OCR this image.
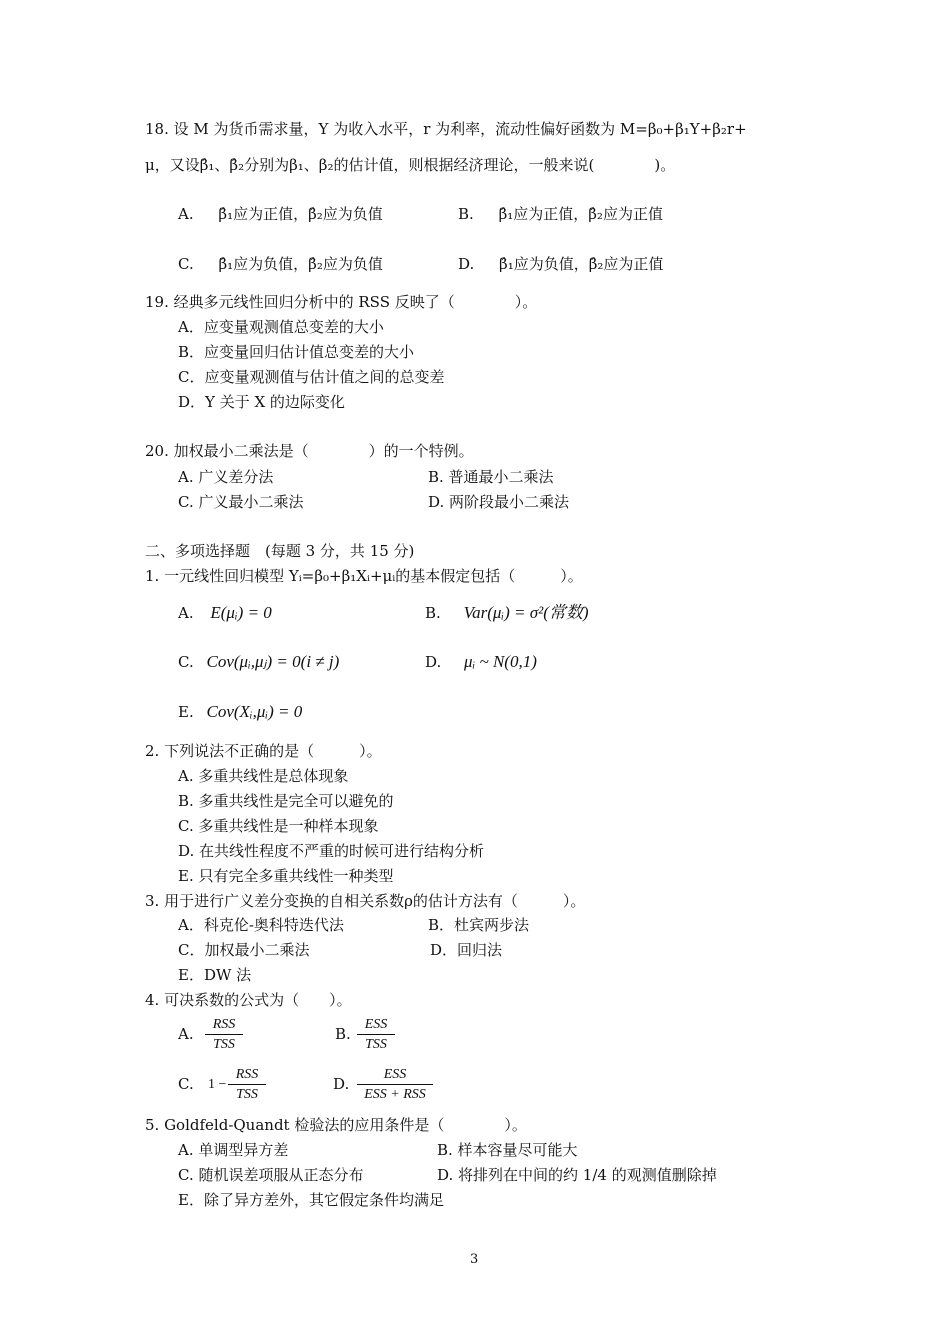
18. 设 M 为货币需求量，Y 为收入水平，r 为利率，流动性偏好函数为 M=β₀+β₁Y+β₂r+
μ，又设β̂₁、β̂₂分别为β₁、β₂的估计值，则根据经济理论，一般来说(　　　　)。
A. β̂₁应为正值，β̂₂应为负值	B. β̂₁应为正值，β̂₂应为正值
C. β̂₁应为负值，β̂₂应为负值	D. β̂₁应为负值，β̂₂应为正值
19. 经典多元线性回归分析中的 RSS 反映了（　　　　）。
A．应变量观测值总变差的大小
B．应变量回归估计值总变差的大小
C．应变量观测值与估计值之间的总变差
D．Y 关于 X 的边际变化
20. 加权最小二乘法是（　　　　）的一个特例。
A. 广义差分法	B. 普通最小二乘法
C. 广义最小二乘法	D. 两阶段最小二乘法
二、多项选择题　(每题 3 分，共 15 分)
1. 一元线性回归模型 Yᵢ=β₀+β₁Xᵢ+μᵢ的基本假定包括（　　　）。
A. E(μᵢ) = 0	B. Var(μᵢ) = σ²(常数)
C. Cov(μᵢ,μⱼ) = 0(i ≠ j)	D. μᵢ ~ N(0,1)
E. Cov(Xᵢ,μᵢ) = 0
2. 下列说法不正确的是（　　　）。
A. 多重共线性是总体现象
B. 多重共线性是完全可以避免的
C. 多重共线性是一种样本现象
D. 在共线性程度不严重的时候可进行结构分析
E. 只有完全多重共线性一种类型
3. 用于进行广义差分变换的自相关系数ρ的估计方法有（　　　）。
A．科克伦-奥科特迭代法	B．杜宾两步法
C．加权最小二乘法	D．回归法
E．DW 法
4. 可决系数的公式为（　　）。
A.
RSS
TSS
B.
ESS
TSS
C. 1 −
RSS
TSS
D.
ESS
ESS + RSS
5. Goldfeld-Quandt 检验法的应用条件是（　　　　）。
A. 单调型异方差	B. 样本容量尽可能大
C. 随机误差项服从正态分布	D. 将排列在中间的约 1/4 的观测值删除掉
E．除了异方差外，其它假定条件均满足
3
